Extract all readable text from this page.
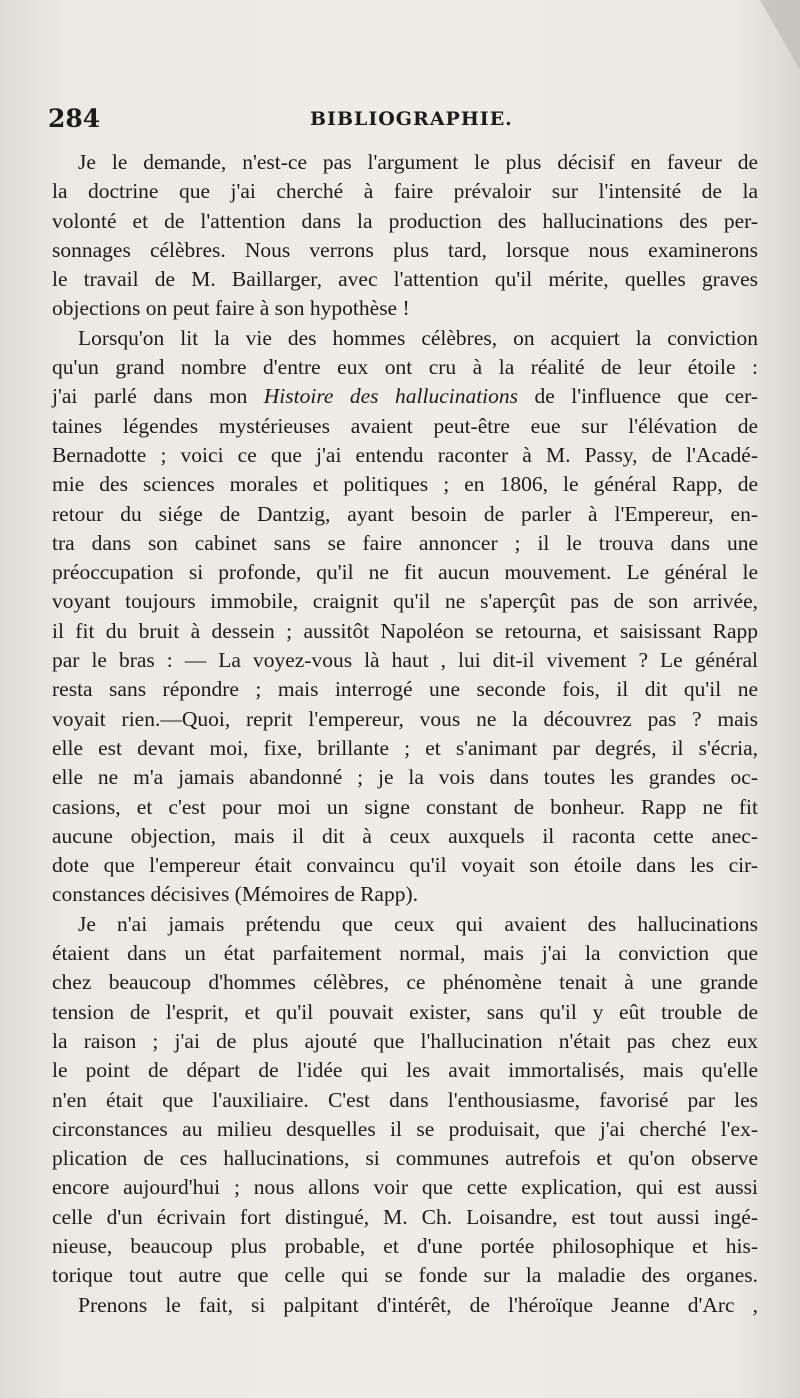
284	BIBLIOGRAPHIE.
Je le demande, n'est-ce pas l'argument le plus décisif en faveur de
la doctrine que j'ai cherché à faire prévaloir sur l'intensité de la
volonté et de l'attention dans la production des hallucinations des per-
sonnages célèbres. Nous verrons plus tard, lorsque nous examinerons
le travail de M. Baillarger, avec l'attention qu'il mérite, quelles graves
objections on peut faire à son hypothèse !
Lorsqu'on lit la vie des hommes célèbres, on acquiert la conviction
qu'un grand nombre d'entre eux ont cru à la réalité de leur étoile :
j'ai parlé dans mon Histoire des hallucinations de l'influence que cer-
taines légendes mystérieuses avaient peut-être eue sur l'élévation de
Bernadotte ; voici ce que j'ai entendu raconter à M. Passy, de l'Acadé-
mie des sciences morales et politiques ; en 1806, le général Rapp, de
retour du siége de Dantzig, ayant besoin de parler à l'Empereur, en-
tra dans son cabinet sans se faire annoncer ; il le trouva dans une
préoccupation si profonde, qu'il ne fit aucun mouvement. Le général le
voyant toujours immobile, craignit qu'il ne s'aperçût pas de son arrivée,
il fit du bruit à dessein ; aussitôt Napoléon se retourna, et saisissant Rapp
par le bras : — La voyez-vous là haut , lui dit-il vivement ? Le général
resta sans répondre ; mais interrogé une seconde fois, il dit qu'il ne
voyait rien.—Quoi, reprit l'empereur, vous ne la découvrez pas ? mais
elle est devant moi, fixe, brillante ; et s'animant par degrés, il s'écria,
elle ne m'a jamais abandonné ; je la vois dans toutes les grandes oc-
casions, et c'est pour moi un signe constant de bonheur. Rapp ne fit
aucune objection, mais il dit à ceux auxquels il raconta cette anec-
dote que l'empereur était convaincu qu'il voyait son étoile dans les cir-
constances décisives (Mémoires de Rapp).
Je n'ai jamais prétendu que ceux qui avaient des hallucinations
étaient dans un état parfaitement normal, mais j'ai la conviction que
chez beaucoup d'hommes célèbres, ce phénomène tenait à une grande
tension de l'esprit, et qu'il pouvait exister, sans qu'il y eût trouble de
la raison ; j'ai de plus ajouté que l'hallucination n'était pas chez eux
le point de départ de l'idée qui les avait immortalisés, mais qu'elle
n'en était que l'auxiliaire. C'est dans l'enthousiasme, favorisé par les
circonstances au milieu desquelles il se produisait, que j'ai cherché l'ex-
plication de ces hallucinations, si communes autrefois et qu'on observe
encore aujourd'hui ; nous allons voir que cette explication, qui est aussi
celle d'un écrivain fort distingué, M. Ch. Loisandre, est tout aussi ingé-
nieuse, beaucoup plus probable, et d'une portée philosophique et his-
torique tout autre que celle qui se fonde sur la maladie des organes.
Prenons le fait, si palpitant d'intérêt, de l'héroïque Jeanne d'Arc ,
